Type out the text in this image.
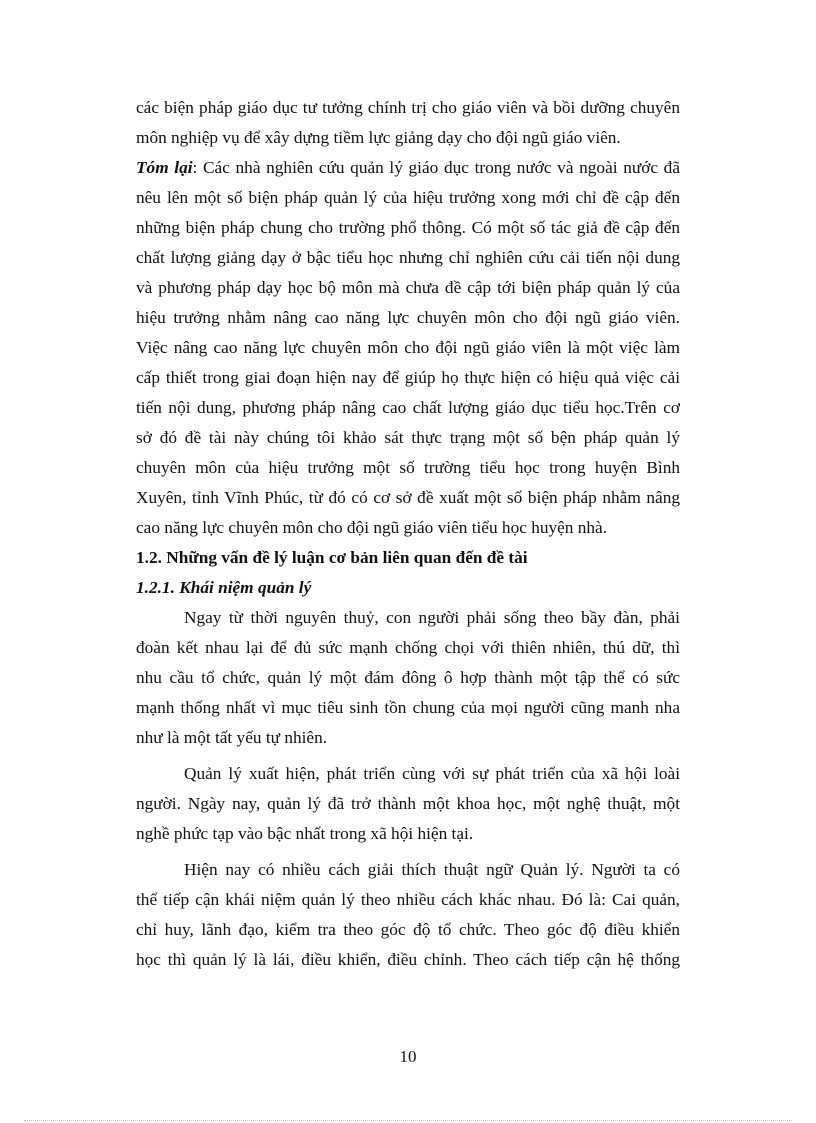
các biện pháp giáo dục tư tưởng chính trị cho giáo viên và bồi dưỡng chuyên
môn nghiệp vụ để xây dựng tiềm lực giảng dạy cho đội ngũ giáo viên.
Tóm lại: Các nhà nghiên cứu quản lý giáo dục trong nước và ngoài nước đã
nêu lên một số biện pháp quản lý của hiệu trưởng xong mới chỉ đề cập đến
những biện pháp chung cho trường phổ thông. Có một số tác giả đề cập đến
chất lượng giảng dạy ở bậc tiểu học nhưng chỉ nghiên cứu cải tiến nội dung
và phương pháp dạy học bộ môn mà chưa đề cập tới biện pháp quản lý của
hiệu trưởng nhằm nâng cao năng lực chuyên môn cho đội ngũ giáo viên.
Việc nâng cao năng lực chuyên môn cho đội ngũ giáo viên là một việc làm
cấp thiết trong giai đoạn hiện nay để giúp họ thực hiện có hiệu quả việc cải
tiến nội dung, phương pháp nâng cao chất lượng giáo dục tiểu học.Trên cơ
sở đó đề tài này chúng tôi khảo sát thực trạng một số bện pháp quản lý
chuyên môn của hiệu trưởng một số trường tiểu học trong huyện Bình
Xuyên, tỉnh Vĩnh Phúc, từ đó có cơ sở đề xuất một số biện pháp nhằm nâng
cao năng lực chuyên môn cho đội ngũ giáo viên tiểu học huyện nhà.
1.2. Những vấn đề lý luận cơ bản liên quan đến đề tài
1.2.1. Khái niệm quản lý
Ngay từ thời nguyên thuỷ, con người phải sống theo bầy đàn, phải
đoàn kết nhau lại để đủ sức mạnh chống chọi với thiên nhiên, thú dữ, thì
nhu cầu tổ chức, quản lý một đám đông ô hợp thành một tập thể có sức
mạnh thống nhất vì mục tiêu sinh tồn chung của mọi người cũng manh nha
như là một tất yếu tự nhiên.
Quản lý xuất hiện, phát triển cùng với sự phát triển của xã hội loài
người. Ngày nay, quản lý đã trở thành một khoa học, một nghệ thuật, một
nghề phức tạp vào bậc nhất trong xã hội hiện tại.
Hiện nay có nhiều cách giải thích thuật ngữ Quản lý. Người ta có
thể tiếp cận khái niệm quản lý theo nhiều cách khác nhau. Đó là: Cai quản,
chỉ huy, lãnh đạo, kiểm tra theo góc độ tổ chức. Theo góc độ điều khiển
học thì quản lý là lái, điều khiển, điều chỉnh. Theo cách tiếp cận hệ thống
10
